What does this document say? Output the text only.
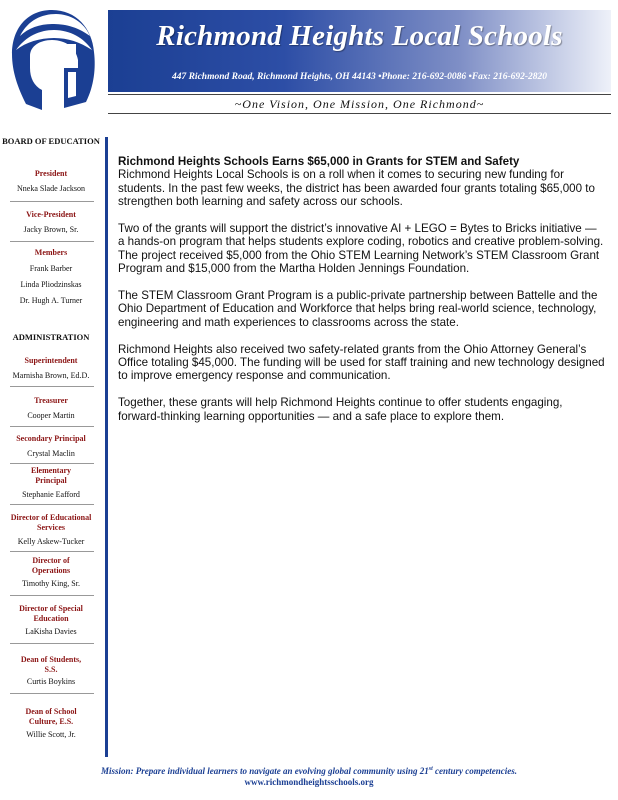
Richmond Heights Local Schools
447 Richmond Road, Richmond Heights, OH 44143 •Phone: 216-692-0086 •Fax: 216-692-2820
~One Vision, One Mission, One Richmond~
BOARD OF EDUCATION
President
Nneka Slade Jackson
Vice-President
Jacky Brown, Sr.
Members
Frank Barber
Linda Pliodzinskas
Dr. Hugh A. Turner
ADMINISTRATION
Superintendent
Marnisha Brown, Ed.D.
Treasurer
Cooper Martin
Secondary Principal
Crystal Maclin
Elementary Principal
Stephanie Eafford
Director of Educational Services
Kelly Askew-Tucker
Director of Operations
Timothy King, Sr.
Director of Special Education
LaKisha Davies
Dean of Students, S.S.
Curtis Boykins
Dean of School Culture, E.S.
Willie Scott, Jr.
Richmond Heights Schools Earns $65,000 in Grants for STEM and Safety

Richmond Heights Local Schools is on a roll when it comes to securing new funding for students. In the past few weeks, the district has been awarded four grants totaling $65,000 to strengthen both learning and safety across our schools.

Two of the grants will support the district’s innovative AI + LEGO = Bytes to Bricks initiative — a hands-on program that helps students explore coding, robotics and creative problem-solving. The project received $5,000 from the Ohio STEM Learning Network’s STEM Classroom Grant Program and $15,000 from the Martha Holden Jennings Foundation.

The STEM Classroom Grant Program is a public-private partnership between Battelle and the Ohio Department of Education and Workforce that helps bring real-world science, technology, engineering and math experiences to classrooms across the state.

Richmond Heights also received two safety-related grants from the Ohio Attorney General’s Office totaling $45,000. The funding will be used for staff training and new technology designed to improve emergency response and communication.

Together, these grants will help Richmond Heights continue to offer students engaging, forward-thinking learning opportunities — and a safe place to explore them.

Mission: Prepare individual learners to navigate an evolving global community using 21st century competencies.
www.richmondheightsschools.org
